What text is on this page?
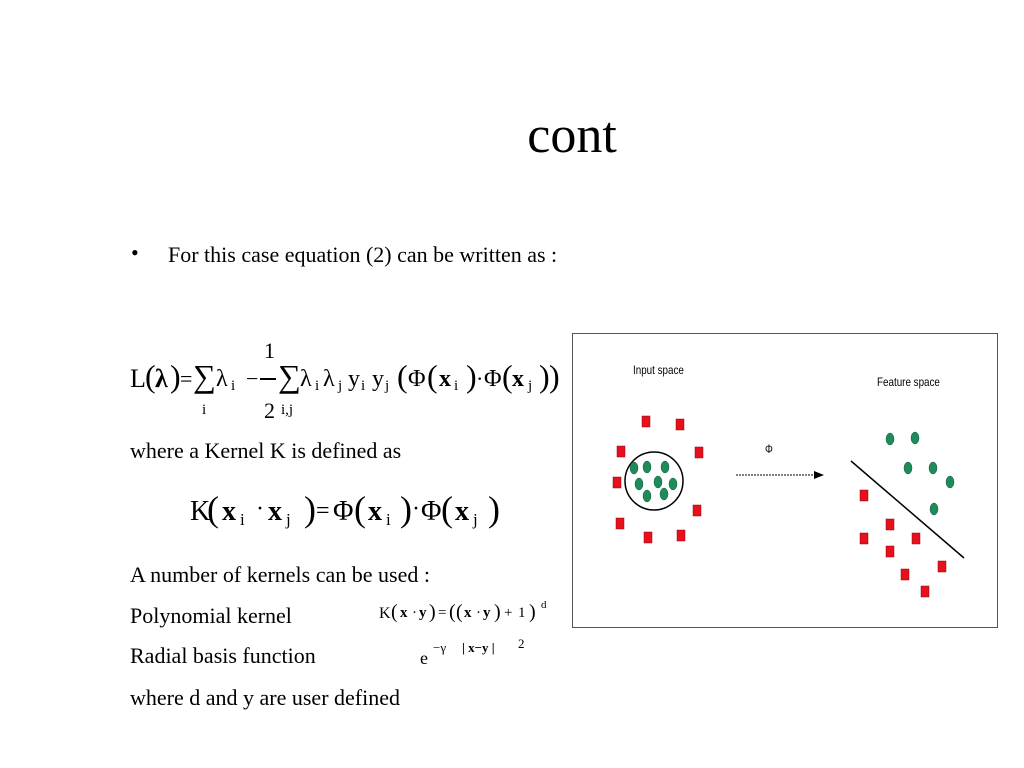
cont
• For this case equation (2) can be written as :
L ( λ ) = ∑
i
λ i −
1
2
∑
i,j
λ i λ j y i y j ( Φ ( x i ) · Φ ( x j ) )
where a Kernel K is defined as
K
( x i · x j ) = Φ ( x i ) · Φ ( x j )
A number of kernels can be used :
Polynomial kernel	K ( x · y ) = ( ( x · y ) + 1 ) d
Radial basis function	e
−γ | x−y | 2
where d and y are user defined
Input space
Feature space
Φ
